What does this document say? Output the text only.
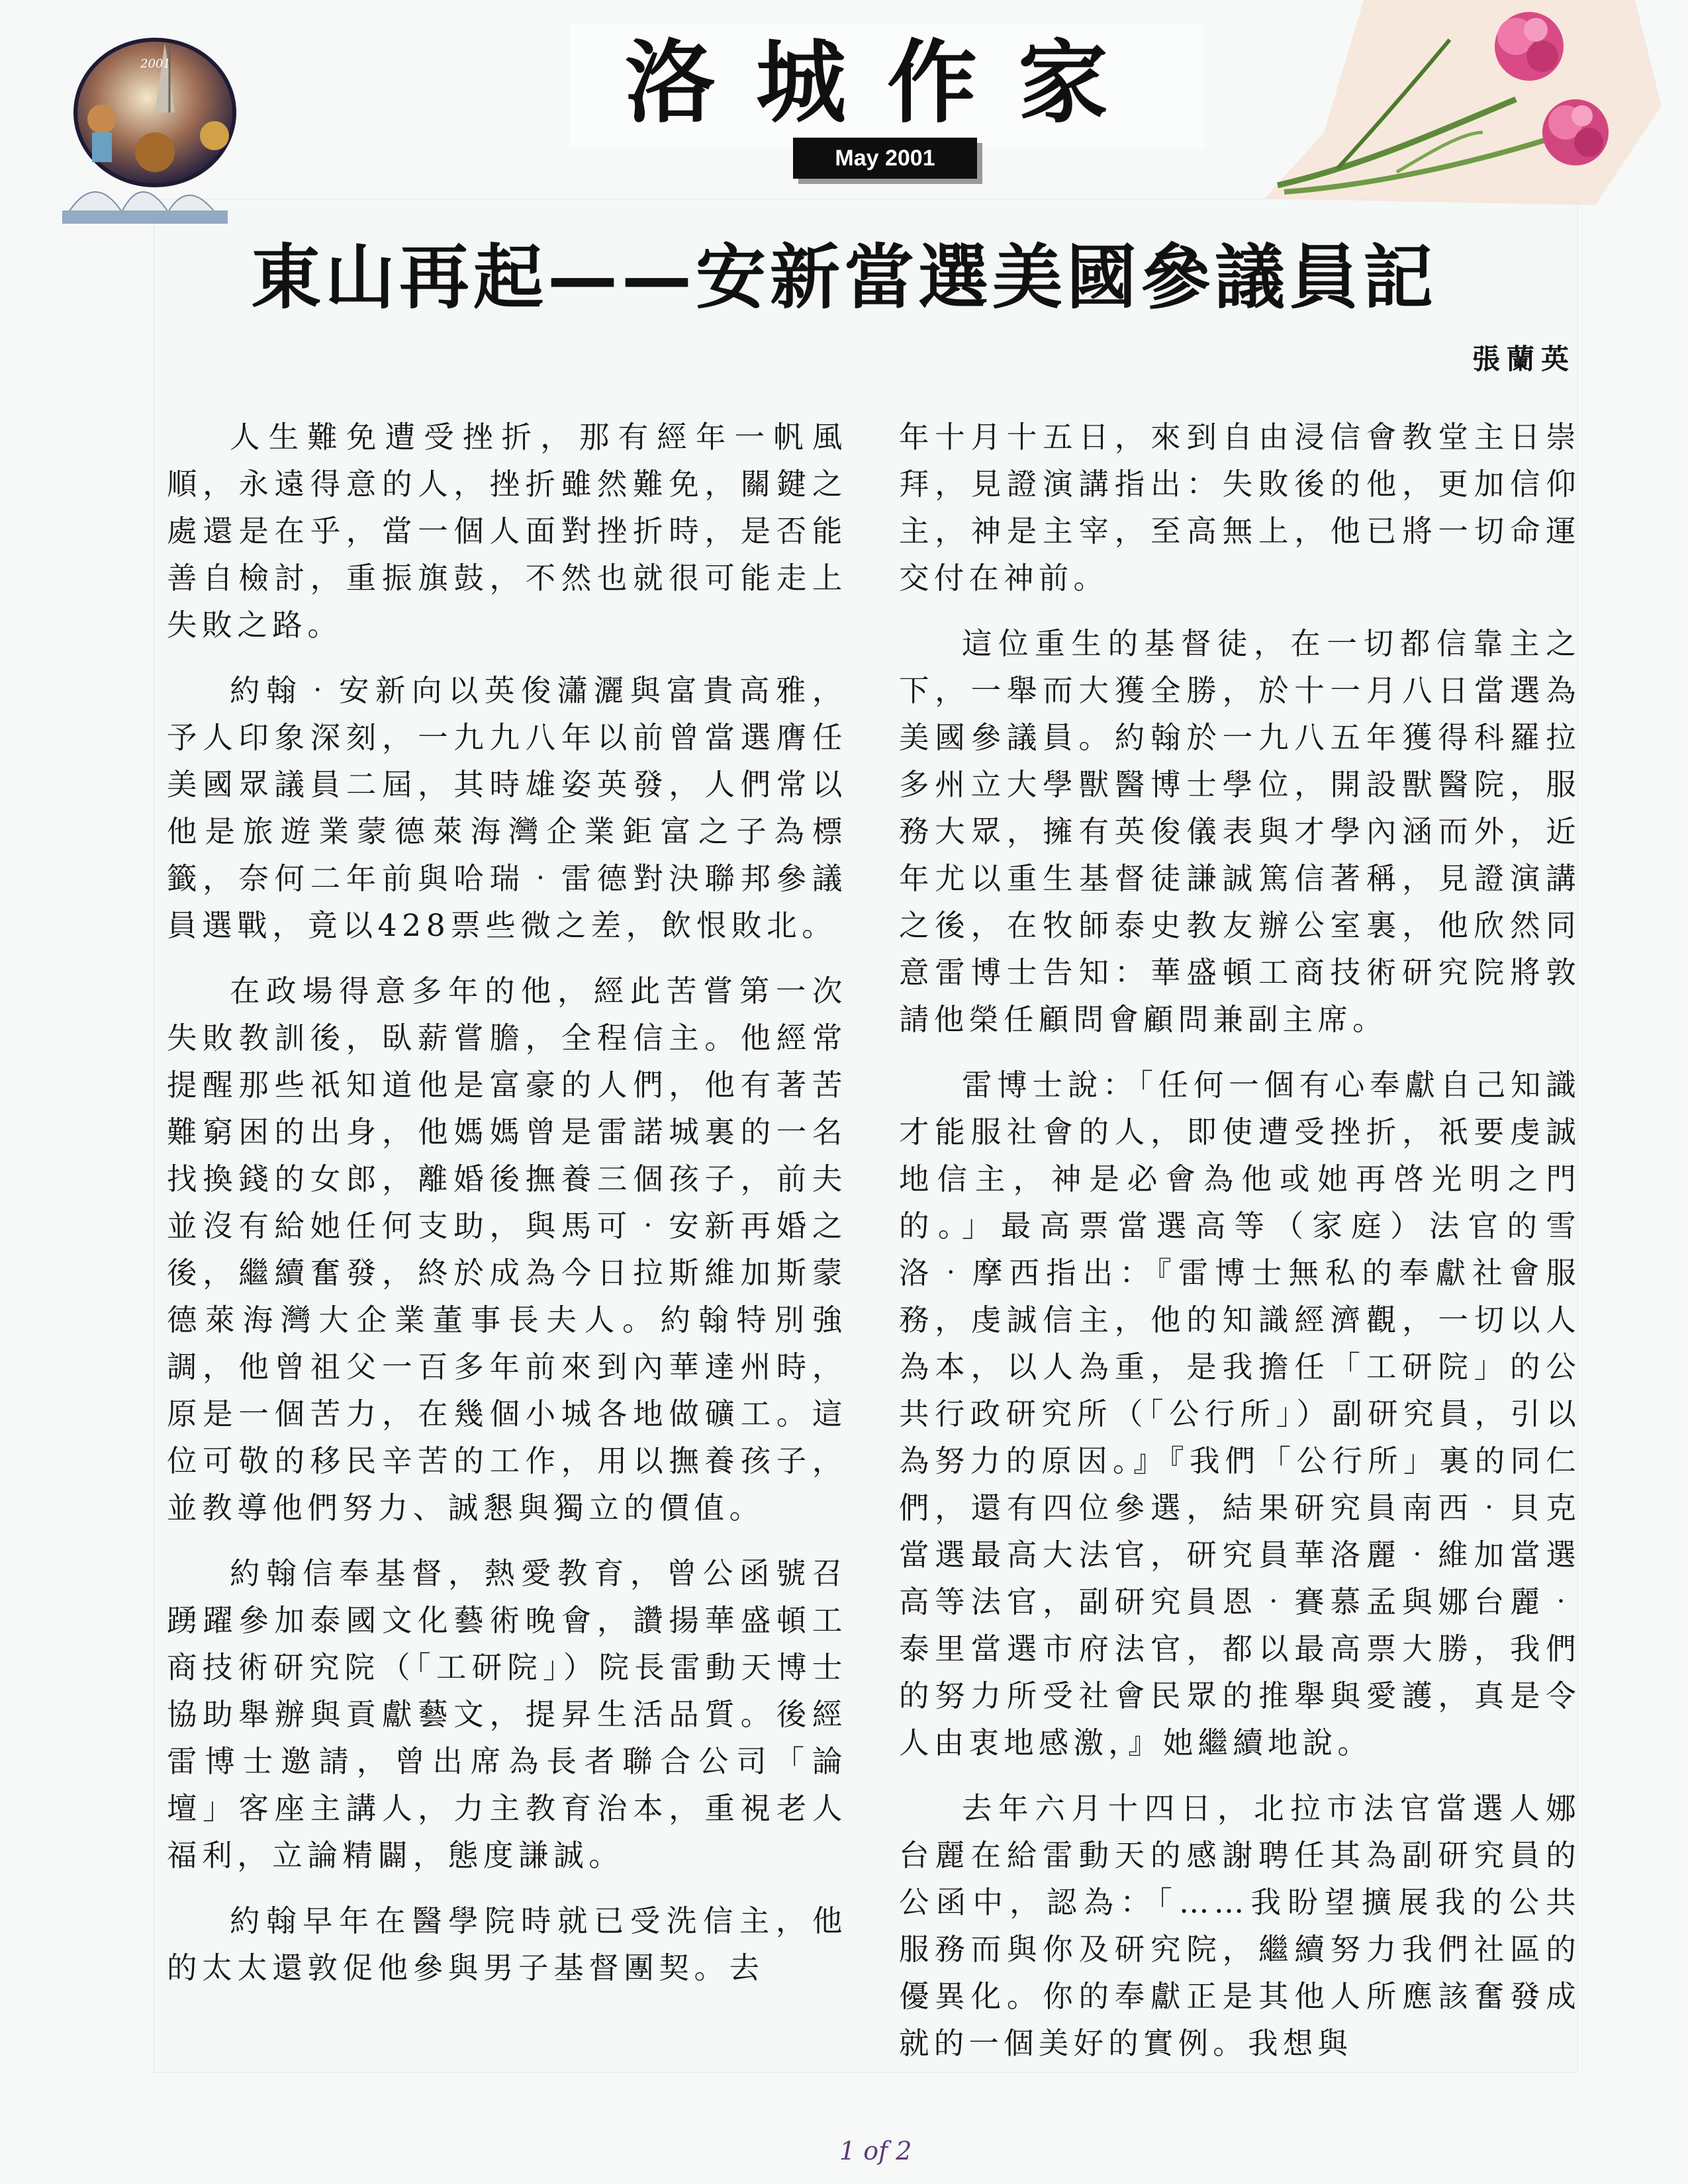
2001	洛城作家
May 2001
東山再起——安新當選美國參議員記
張蘭英

人生難免遭受挫折，那有經年一帆風順，永遠得意的人，挫折雖然難免，關鍵之處還是在乎，當一個人面對挫折時，是否能善自檢討，重振旗鼓，不然也就很可能走上失敗之路。

約翰‧安新向以英俊瀟灑與富貴高雅，予人印象深刻，一九九八年以前曾當選膺任美國眾議員二屆，其時雄姿英發，人們常以他是旅遊業蒙德萊海灣企業鉅富之子為標籤，奈何二年前與哈瑞‧雷德對決聯邦參議員選戰，竟以428票些微之差，飲恨敗北。

在政場得意多年的他，經此苦嘗第一次失敗教訓後，臥薪嘗膽，全程信主。他經常提醒那些祇知道他是富豪的人們，他有著苦難窮困的出身，他媽媽曾是雷諾城裏的一名找換錢的女郎，離婚後撫養三個孩子，前夫並沒有給她任何支助，與馬可‧安新再婚之後，繼續奮發，終於成為今日拉斯維加斯蒙德萊海灣大企業董事長夫人。約翰特別強調，他曾祖父一百多年前來到內華達州時，原是一個苦力，在幾個小城各地做礦工。這位可敬的移民辛苦的工作，用以撫養孩子，並教導他們努力、誠懇與獨立的價值。

約翰信奉基督，熱愛教育，曾公函號召踴躍參加泰國文化藝術晚會，讚揚華盛頓工商技術研究院（「工研院」）院長雷動天博士協助舉辦與貢獻藝文，提昇生活品質。後經雷博士邀請，曾出席為長者聯合公司「論壇」客座主講人，力主教育治本，重視老人福利，立論精闢，態度謙誠。

約翰早年在醫學院時就已受洗信主，他的太太還敦促他參與男子基督團契。去

年十月十五日，來到自由浸信會教堂主日崇拜，見證演講指出：失敗後的他，更加信仰主，神是主宰，至高無上，他已將一切命運交付在神前。

這位重生的基督徒，在一切都信靠主之下，一舉而大獲全勝，於十一月八日當選為美國參議員。約翰於一九八五年獲得科羅拉多州立大學獸醫博士學位，開設獸醫院，服務大眾，擁有英俊儀表與才學內涵而外，近年尤以重生基督徒謙誠篤信著稱，見證演講之後，在牧師泰史教友辦公室裏，他欣然同意雷博士告知：華盛頓工商技術研究院將敦請他榮任顧問會顧問兼副主席。

雷博士說：「任何一個有心奉獻自己知識才能服社會的人，即使遭受挫折，祇要虔誠地信主，神是必會為他或她再啓光明之門的。」最高票當選高等（家庭）法官的雪洛‧摩西指出：『雷博士無私的奉獻社會服務，虔誠信主，他的知識經濟觀，一切以人為本，以人為重，是我擔任「工研院」的公共行政研究所（「公行所」）副研究員，引以為努力的原因。』『我們「公行所」裏的同仁們，還有四位參選，結果研究員南西‧貝克當選最高大法官，研究員華洛麗‧維加當選高等法官，副研究員恩‧賽慕孟與娜台麗‧泰里當選市府法官，都以最高票大勝，我們的努力所受社會民眾的推舉與愛護，真是令人由衷地感激，』她繼續地說。

去年六月十四日，北拉市法官當選人娜台麗在給雷動天的感謝聘任其為副研究員的公函中，認為：「……我盼望擴展我的公共服務而與你及研究院，繼續努力我們社區的優異化。你的奉獻正是其他人所應該奮發成就的一個美好的實例。我想與

1 of 2
